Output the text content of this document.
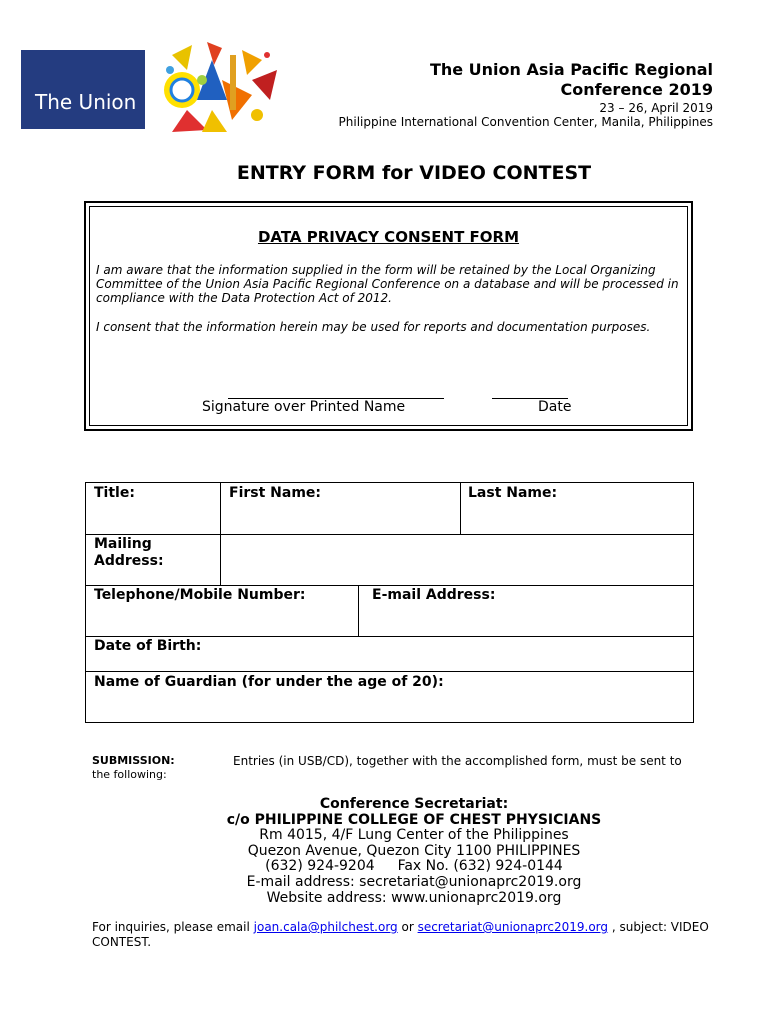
The Union
The Union Asia Pacific Regional
Conference 2019
23 – 26, April 2019
Philippine International Convention Center, Manila, Philippines
ENTRY FORM for VIDEO CONTEST
DATA PRIVACY CONSENT FORM
I am aware that the information supplied in the form will be retained by the Local Organizing Committee of the Union Asia Pacific Regional Conference on a database and will be processed in compliance with the Data Protection Act of 2012.
I consent that the information herein may be used for reports and documentation purposes.
Signature over Printed Name	Date
Title:	First Name:	Last Name:
Mailing
Address:
Telephone/Mobile Number:	E-mail Address:
Date of Birth:
Name of Guardian (for under the age of 20):
SUBMISSION:	Entries (in USB/CD), together with the accomplished form, must be sent to
the following:
Conference Secretariat:
c/o PHILIPPINE COLLEGE OF CHEST PHYSICIANS
Rm 4015, 4/F Lung Center of the Philippines
Quezon Avenue, Quezon City 1100 PHILIPPINES
(632) 924-9204  Fax No. (632) 924-0144
E-mail address: secretariat@unionaprc2019.org
Website address: www.unionaprc2019.org
For inquiries, please email joan.cala@philchest.org or secretariat@unionaprc2019.org , subject: VIDEO CONTEST.
